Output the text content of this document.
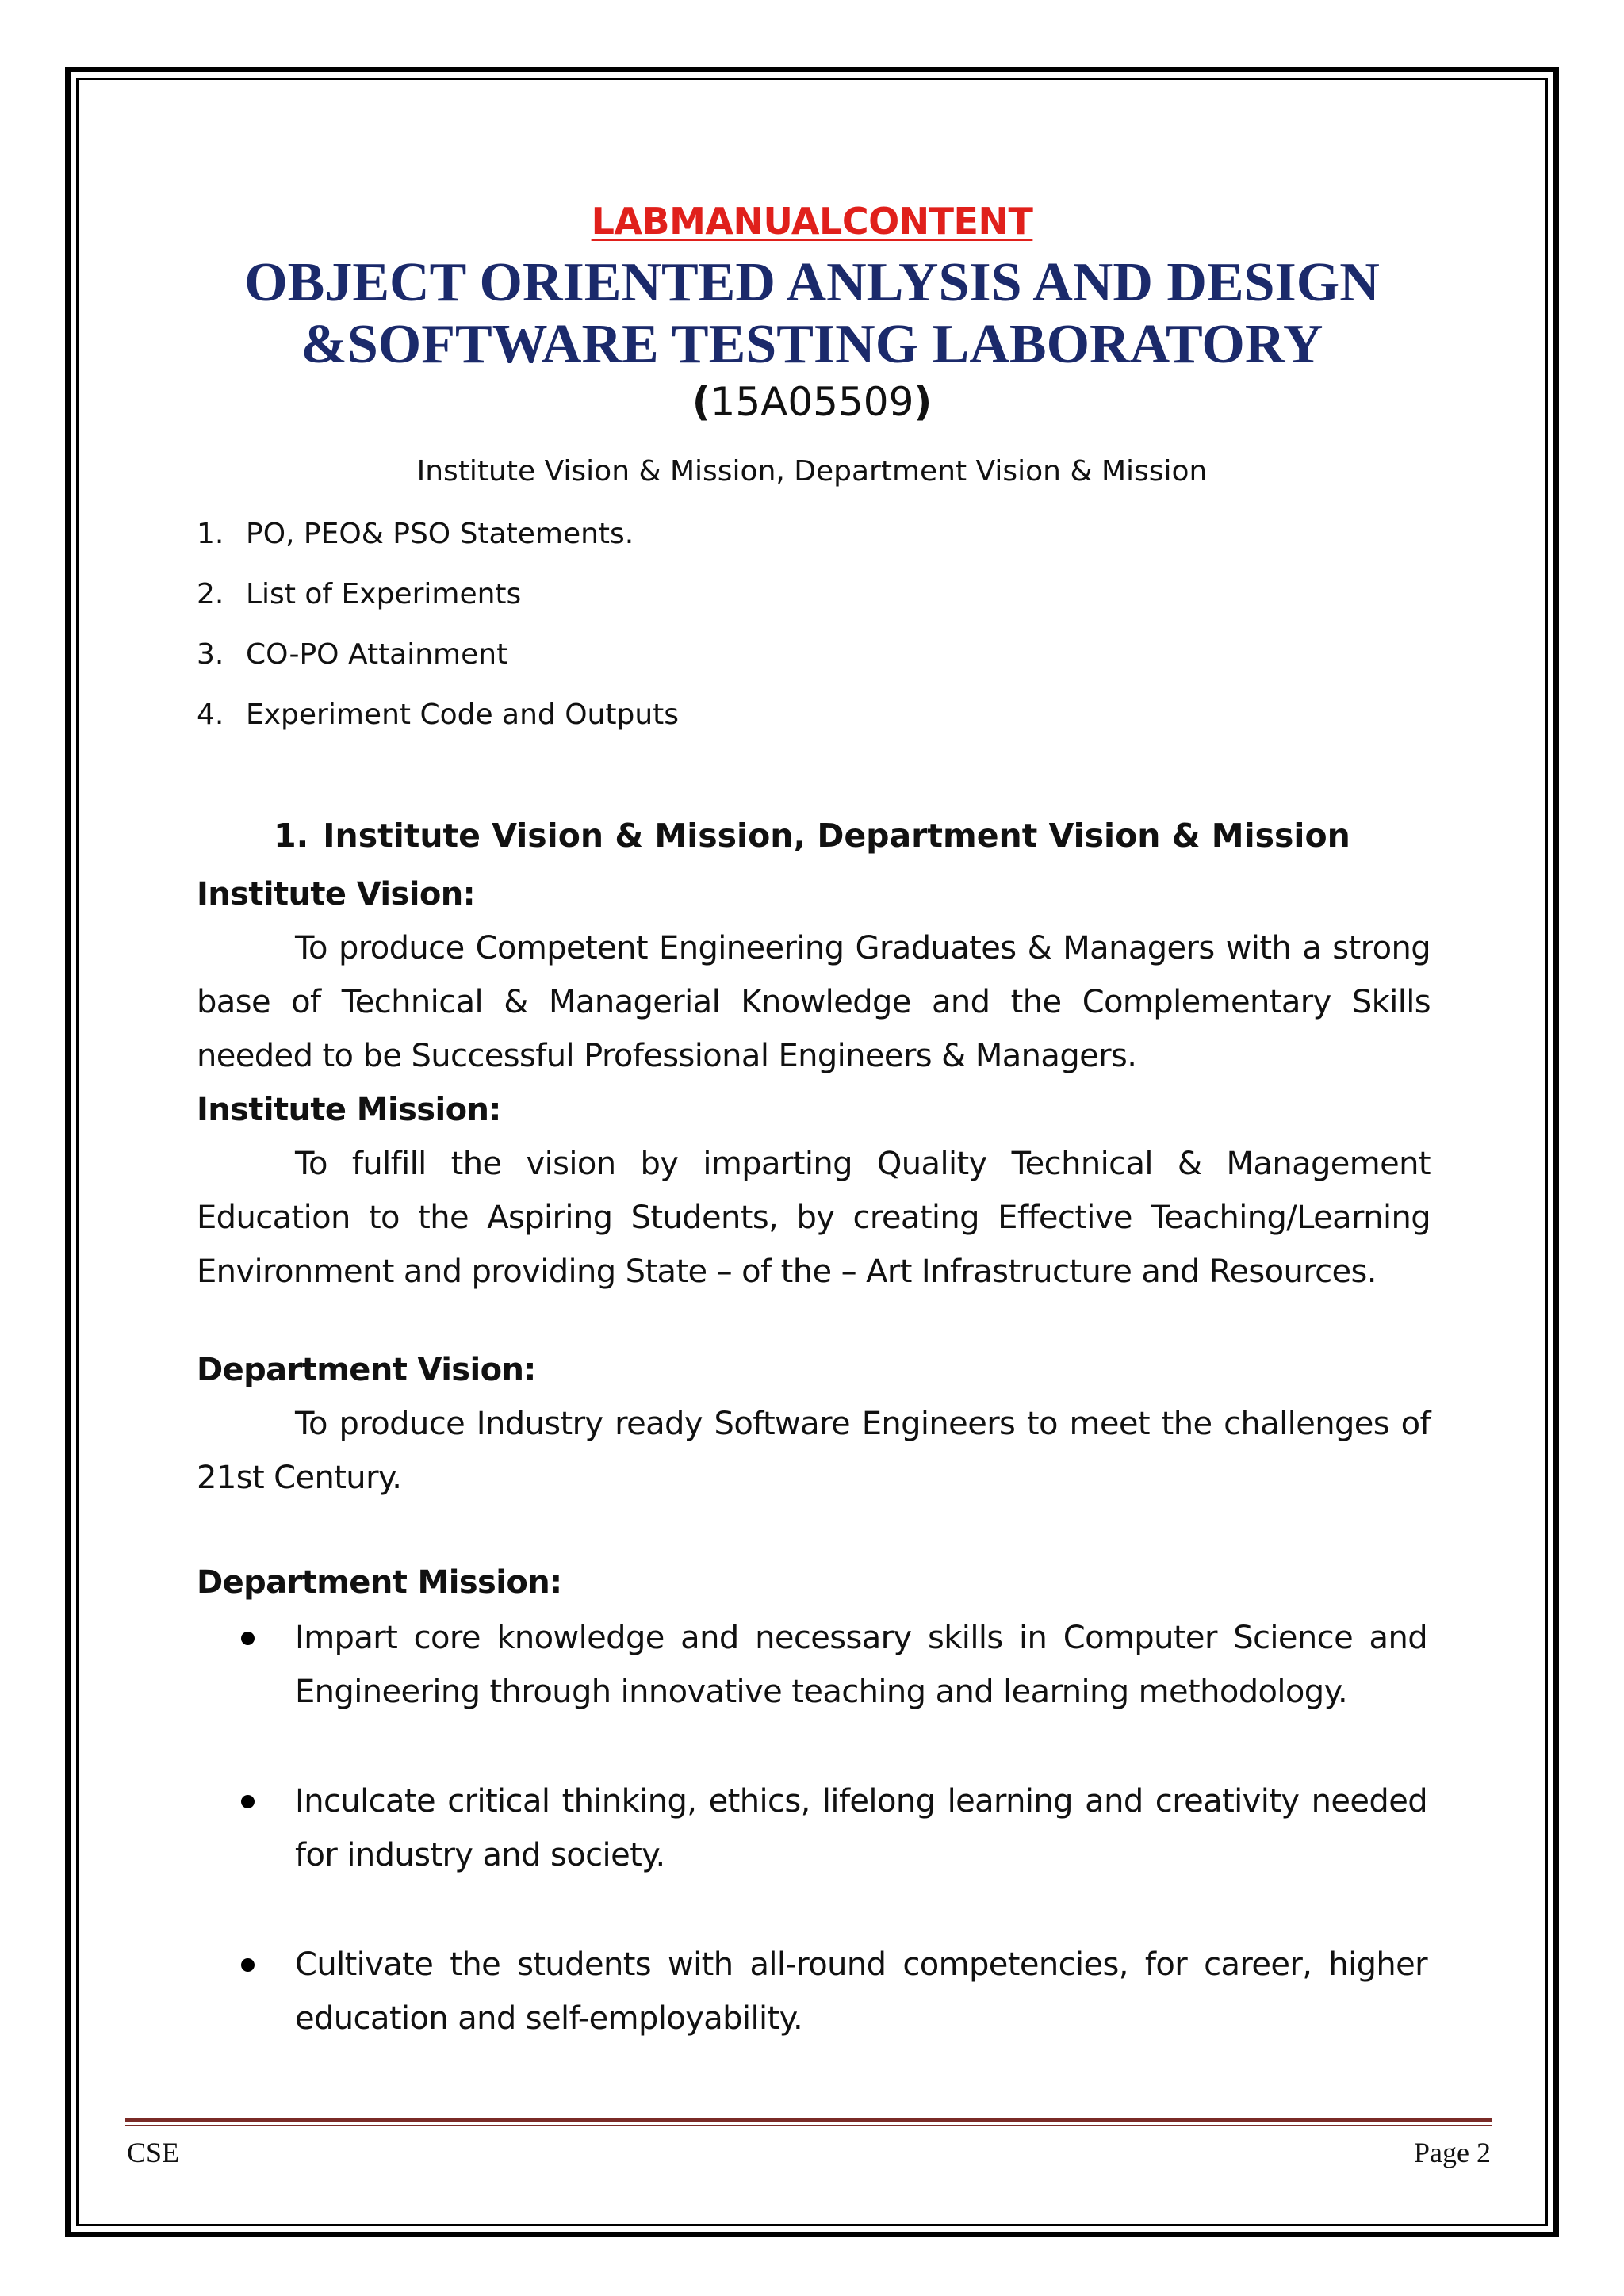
LABMANUALCONTENT
OBJECT ORIENTED ANLYSIS AND DESIGN
&SOFTWARE TESTING LABORATORY
(15A05509)
Institute Vision & Mission, Department Vision & Mission
1. PO, PEO& PSO Statements.
2. List of Experiments
3. CO-PO Attainment
4. Experiment Code and Outputs
1. Institute Vision & Mission, Department Vision & Mission
Institute Vision:
To produce Competent Engineering Graduates & Managers with a strong base of Technical & Managerial Knowledge and the Complementary Skills needed to be Successful Professional Engineers & Managers.
Institute Mission:
To fulfill the vision by imparting Quality Technical & Management Education to the Aspiring Students, by creating Effective Teaching/Learning Environment and providing State – of the – Art Infrastructure and Resources.
Department Vision:
To produce Industry ready Software Engineers to meet the challenges of 21st Century.
Department Mission:
Impart core knowledge and necessary skills in Computer Science and Engineering through innovative teaching and learning methodology.
Inculcate critical thinking, ethics, lifelong learning and creativity needed for industry and society.
Cultivate the students with all-round competencies, for career, higher education and self-employability.
CSE	Page 2
